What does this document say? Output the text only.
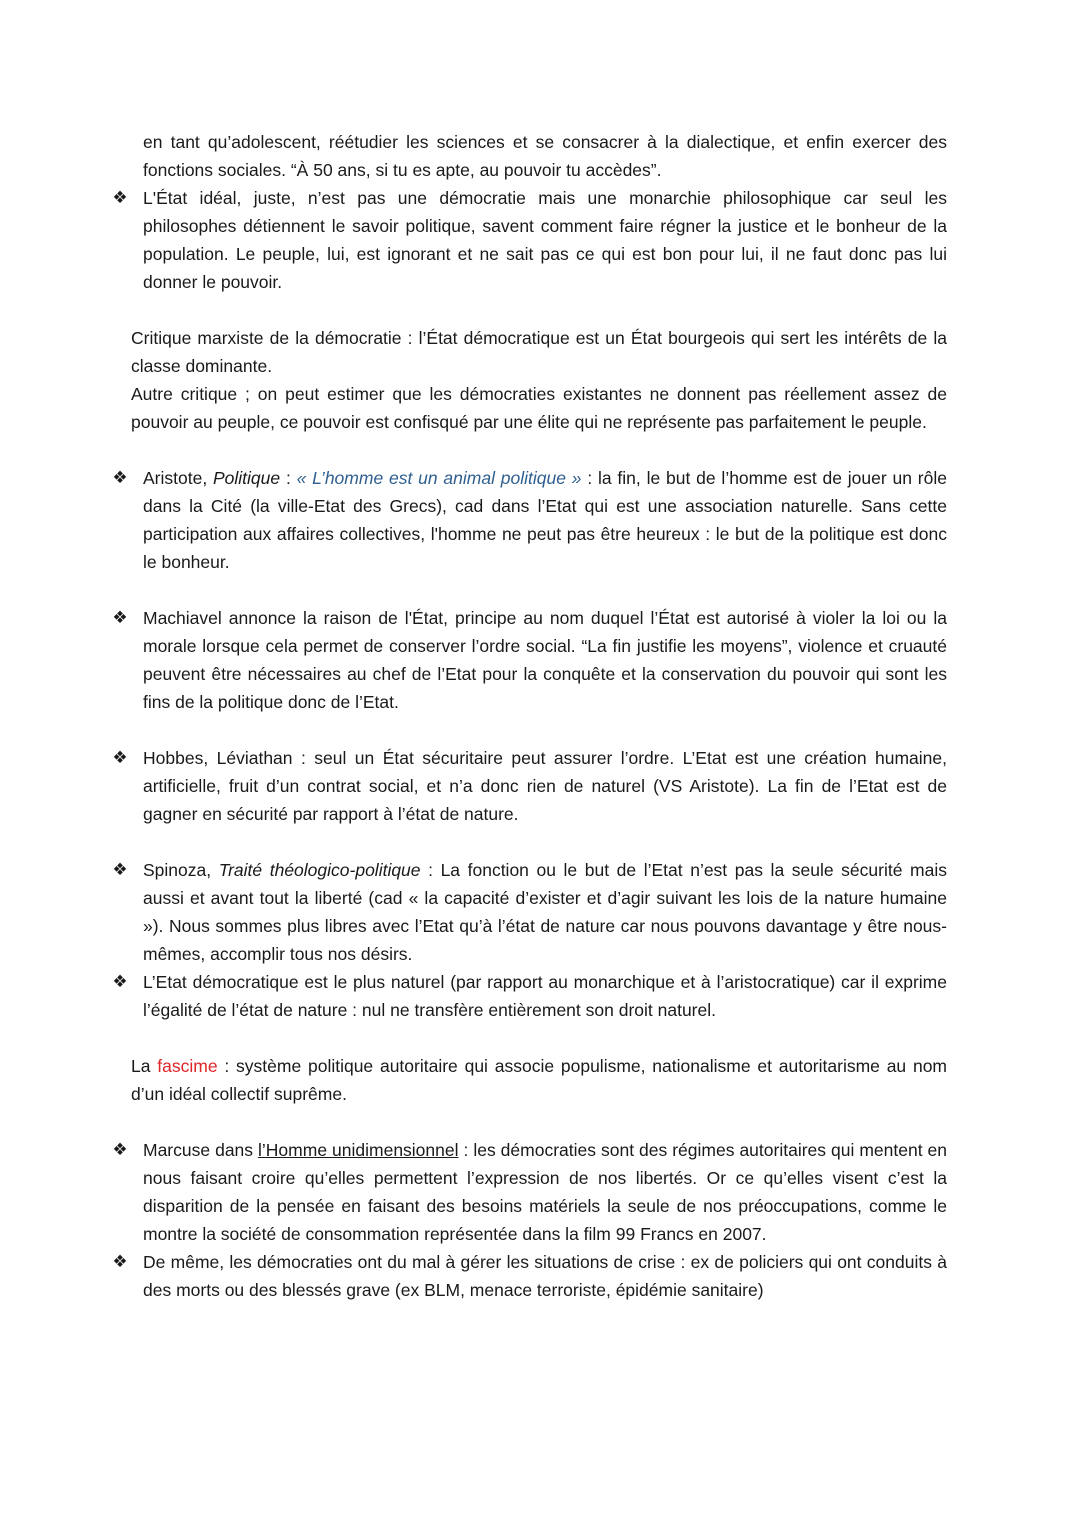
en tant qu’adolescent, réétudier les sciences et se consacrer à la dialectique, et enfin exercer des fonctions sociales. “À 50 ans, si tu es apte, au pouvoir tu accèdes”.

❖ L'État idéal, juste, n’est pas une démocratie mais une monarchie philosophique car seul les philosophes détiennent le savoir politique, savent comment faire régner la justice et le bonheur de la population. Le peuple, lui, est ignorant et ne sait pas ce qui est bon pour lui, il ne faut donc pas lui donner le pouvoir.

Critique marxiste de la démocratie : l’État démocratique est un État bourgeois qui sert les intérêts de la classe dominante.

Autre critique ; on peut estimer que les démocraties existantes ne donnent pas réellement assez de pouvoir au peuple, ce pouvoir est confisqué par une élite qui ne représente pas parfaitement le peuple.

❖ Aristote, Politique : « L’homme est un animal politique » : la fin, le but de l’homme est de jouer un rôle dans la Cité (la ville-Etat des Grecs), cad dans l’Etat qui est une association naturelle. Sans cette participation aux affaires collectives, l'homme ne peut pas être heureux : le but de la politique est donc le bonheur.

❖ Machiavel annonce la raison de l'État, principe au nom duquel l’État est autorisé à violer la loi ou la morale lorsque cela permet de conserver l’ordre social. “La fin justifie les moyens”, violence et cruauté peuvent être nécessaires au chef de l’Etat pour la conquête et la conservation du pouvoir qui sont les fins de la politique donc de l’Etat.

❖ Hobbes, Léviathan : seul un État sécuritaire peut assurer l’ordre. L’Etat est une création humaine, artificielle, fruit d’un contrat social, et n’a donc rien de naturel (VS Aristote). La fin de l’Etat est de gagner en sécurité par rapport à l’état de nature.

❖ Spinoza, Traité théologico-politique : La fonction ou le but de l’Etat n’est pas la seule sécurité mais aussi et avant tout la liberté (cad « la capacité d’exister et d’agir suivant les lois de la nature humaine »). Nous sommes plus libres avec l’Etat qu’à l’état de nature car nous pouvons davantage y être nous-mêmes, accomplir tous nos désirs.

❖ L’Etat démocratique est le plus naturel (par rapport au monarchique et à l’aristocratique) car il exprime l’égalité de l’état de nature : nul ne transfère entièrement son droit naturel.

La fascime : système politique autoritaire qui associe populisme, nationalisme et autoritarisme au nom d’un idéal collectif suprême.

❖ Marcuse dans l’Homme unidimensionnel : les démocraties sont des régimes autoritaires qui mentent en nous faisant croire qu’elles permettent l’expression de nos libertés. Or ce qu’elles visent c’est la disparition de la pensée en faisant des besoins matériels la seule de nos préoccupations, comme le montre la société de consommation représentée dans la film 99 Francs en 2007.

❖ De même, les démocraties ont du mal à gérer les situations de crise : ex de policiers qui ont conduits à des morts ou des blessés grave (ex BLM, menace terroriste, épidémie sanitaire)
